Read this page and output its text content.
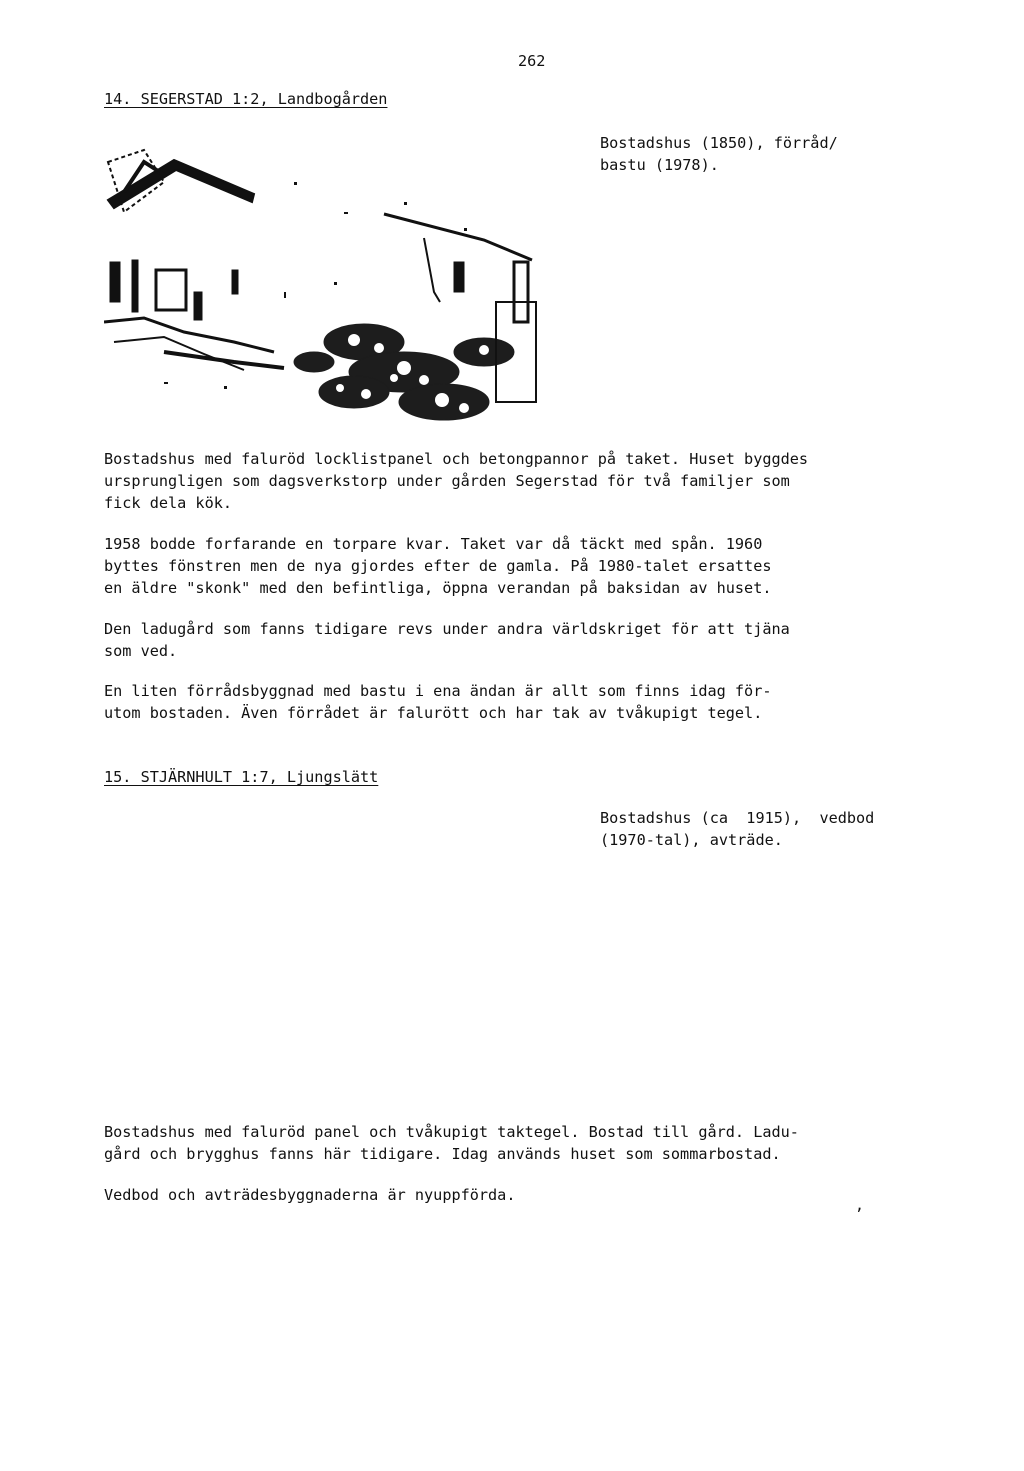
262
14. SEGERSTAD 1:2, Landbogården
Bostadshus (1850), förråd/
bastu (1978).
Bostadshus med faluröd locklistpanel och betongpannor på taket. Huset byggdes
ursprungligen som dagsverkstorp under gården Segerstad för två familjer som
fick dela kök.
1958 bodde forfarande en torpare kvar. Taket var då täckt med spån. 1960
byttes fönstren men de nya gjordes efter de gamla. På 1980-talet ersattes
en äldre "skonk" med den befintliga, öppna verandan på baksidan av huset.
Den ladugård som fanns tidigare revs under andra världskriget för att tjäna
som ved.
En liten förrådsbyggnad med bastu i ena ändan är allt som finns idag för-
utom bostaden. Även förrådet är falurött och har tak av tvåkupigt tegel.
15. STJÄRNHULT 1:7, Ljungslätt
Bostadshus (ca  1915),  vedbod
(1970-tal), avträde.
Bostadshus med faluröd panel och tvåkupigt taktegel. Bostad till gård. Ladu-
gård och brygghus fanns här tidigare. Idag används huset som sommarbostad.
Vedbod och avträdesbyggnaderna är nyuppförda.
,
